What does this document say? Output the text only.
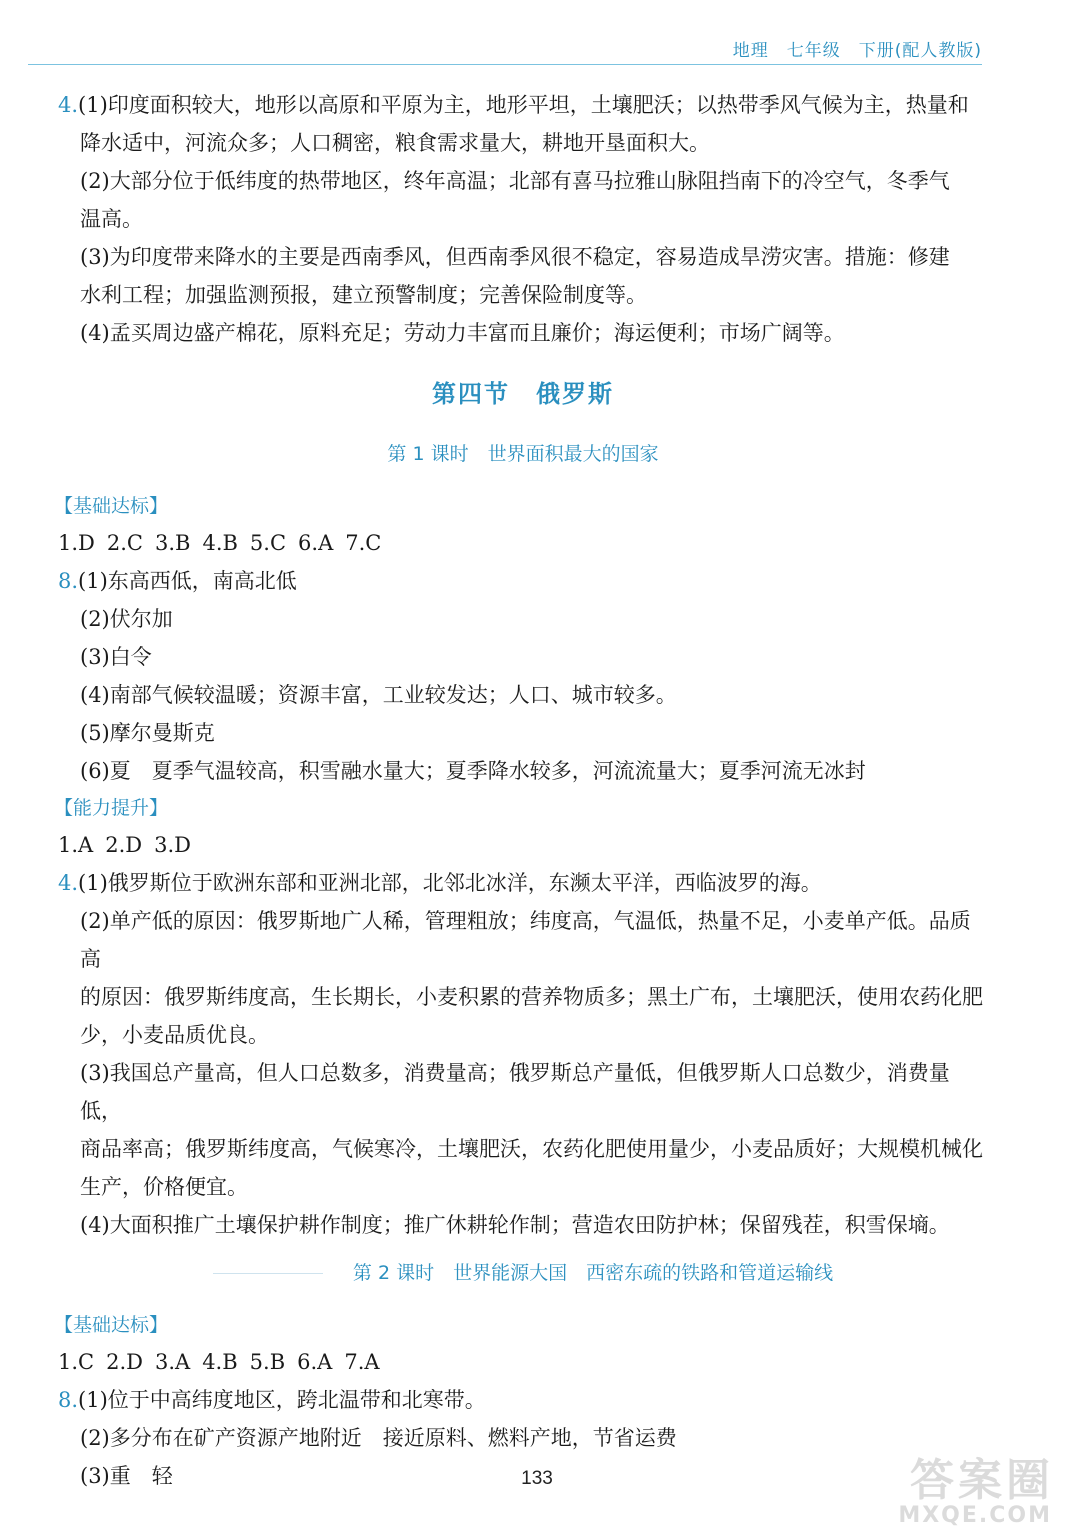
地理　七年级　下册(配人教版)

4.(1)印度面积较大，地形以高原和平原为主，地形平坦，土壤肥沃；以热带季风气候为主，热量和

降水适中，河流众多；人口稠密，粮食需求量大，耕地开垦面积大。

(2)大部分位于低纬度的热带地区，终年高温；北部有喜马拉雅山脉阻挡南下的冷空气，冬季气

温高。

(3)为印度带来降水的主要是西南季风，但西南季风很不稳定，容易造成旱涝灾害。措施：修建

水利工程；加强监测预报，建立预警制度；完善保险制度等。

(4)孟买周边盛产棉花，原料充足；劳动力丰富而且廉价；海运便利；市场广阔等。

第四节　俄罗斯
第 1 课时　世界面积最大的国家
【基础达标】
1.D 2.C 3.B 4.B 5.C 6.A 7.C

8.(1)东高西低，南高北低

(2)伏尔加

(3)白令

(4)南部气候较温暖；资源丰富，工业较发达；人口、城市较多。

(5)摩尔曼斯克

(6)夏　夏季气温较高，积雪融水量大；夏季降水较多，河流流量大；夏季河流无冰封

【能力提升】
1.A 2.D 3.D

4.(1)俄罗斯位于欧洲东部和亚洲北部，北邻北冰洋，东濒太平洋，西临波罗的海。

(2)单产低的原因：俄罗斯地广人稀，管理粗放；纬度高，气温低，热量不足，小麦单产低。品质高

的原因：俄罗斯纬度高，生长期长，小麦积累的营养物质多；黑土广布，土壤肥沃，使用农药化肥

少，小麦品质优良。

(3)我国总产量高，但人口总数多，消费量高；俄罗斯总产量低，但俄罗斯人口总数少，消费量低，

商品率高；俄罗斯纬度高，气候寒冷，土壤肥沃，农药化肥使用量少，小麦品质好；大规模机械化

生产，价格便宜。

(4)大面积推广土壤保护耕作制度；推广休耕轮作制；营造农田防护林；保留残茬，积雪保墒。

第 2 课时　世界能源大国　西密东疏的铁路和管道运输线
【基础达标】
1.C 2.D 3.A 4.B 5.B 6.A 7.A

8.(1)位于中高纬度地区，跨北温带和北寒带。

(2)多分布在矿产资源产地附近　接近原料、燃料产地，节省运费

(3)重　轻	133	答案圈
MXQE.COM
